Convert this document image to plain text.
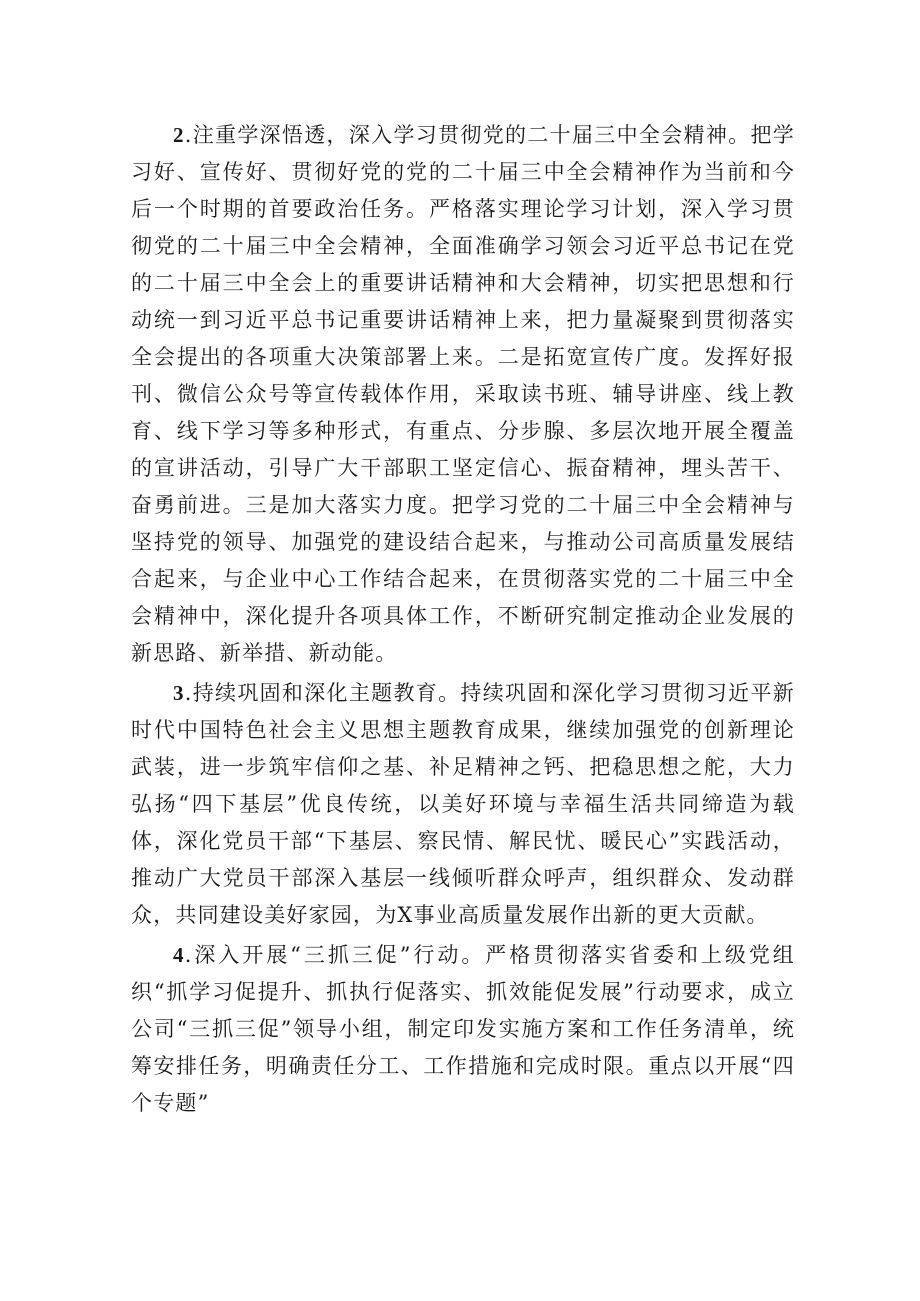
2.注重学深悟透，深入学习贯彻党的二十届三中全会精神。把学习好、宣传好、贯彻好党的党的二十届三中全会精神作为当前和今后一个时期的首要政治任务。严格落实理论学习计划，深入学习贯彻党的二十届三中全会精神，全面准确学习领会习近平总书记在党的二十届三中全会上的重要讲话精神和大会精神，切实把思想和行动统一到习近平总书记重要讲话精神上来，把力量凝聚到贯彻落实全会提出的各项重大决策部署上来。二是拓宽宣传广度。发挥好报刊、微信公众号等宣传载体作用，采取读书班、辅导讲座、线上教育、线下学习等多种形式，有重点、分步腺、多层次地开展全覆盖的宣讲活动，引导广大干部职工坚定信心、振奋精神，埋头苦干、奋勇前进。三是加大落实力度。把学习党的二十届三中全会精神与坚持党的领导、加强党的建设结合起来，与推动公司高质量发展结合起来，与企业中心工作结合起来，在贯彻落实党的二十届三中全会精神中，深化提升各项具体工作，不断研究制定推动企业发展的新思路、新举措、新动能。

3.持续巩固和深化主题教育。持续巩固和深化学习贯彻习近平新时代中国特色社会主义思想主题教育成果，继续加强党的创新理论武装，进一步筑牢信仰之基、补足精神之钙、把稳思想之舵，大力弘扬“四下基层”优良传统，以美好环境与幸福生活共同缔造为载体，深化党员干部“下基层、察民情、解民忧、暖民心”实践活动，推动广大党员干部深入基层一线倾听群众呼声，组织群众、发动群众，共同建设美好家园，为X事业高质量发展作出新的更大贡献。

4.深入开展“三抓三促”行动。严格贯彻落实省委和上级党组织“抓学习促提升、抓执行促落实、抓效能促发展”行动要求，成立公司“三抓三促”领导小组，制定印发实施方案和工作任务清单，统筹安排任务，明确责任分工、工作措施和完成时限。重点以开展“四个专题”
